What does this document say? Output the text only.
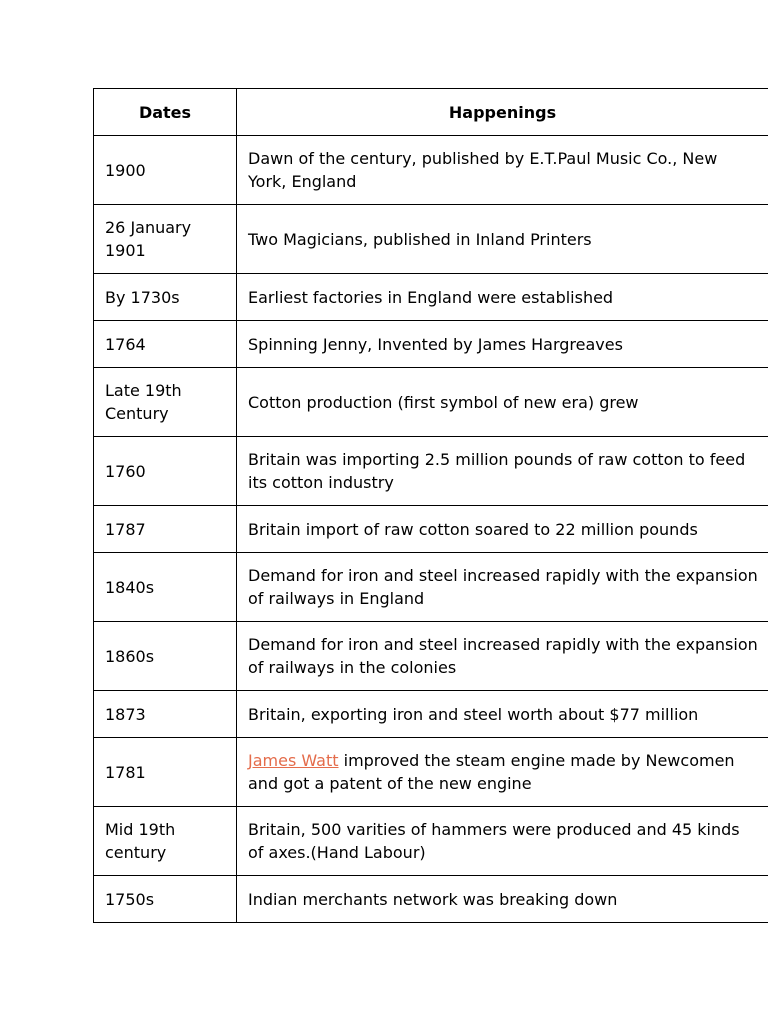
Dates	Happenings
1900	Dawn of the century, published by E.T.Paul Music Co., New York, England
26 January 1901	Two Magicians, published in Inland Printers
By 1730s	Earliest factories in England were established
1764	Spinning Jenny, Invented by James Hargreaves
Late 19th Century	Cotton production (first symbol of new era) grew
1760	Britain was importing 2.5 million pounds of raw cotton to feed its cotton industry
1787	Britain import of raw cotton soared to 22 million pounds
1840s	Demand for iron and steel increased rapidly with the expansion of railways in England
1860s	Demand for iron and steel increased rapidly with the expansion of railways in the colonies
1873	Britain, exporting iron and steel worth about $77 million
1781	James Watt improved the steam engine made by Newcomen and got a patent of the new engine
Mid 19th century	Britain, 500 varities of hammers were produced and 45 kinds of axes.(Hand Labour)
1750s	Indian merchants network was breaking down
